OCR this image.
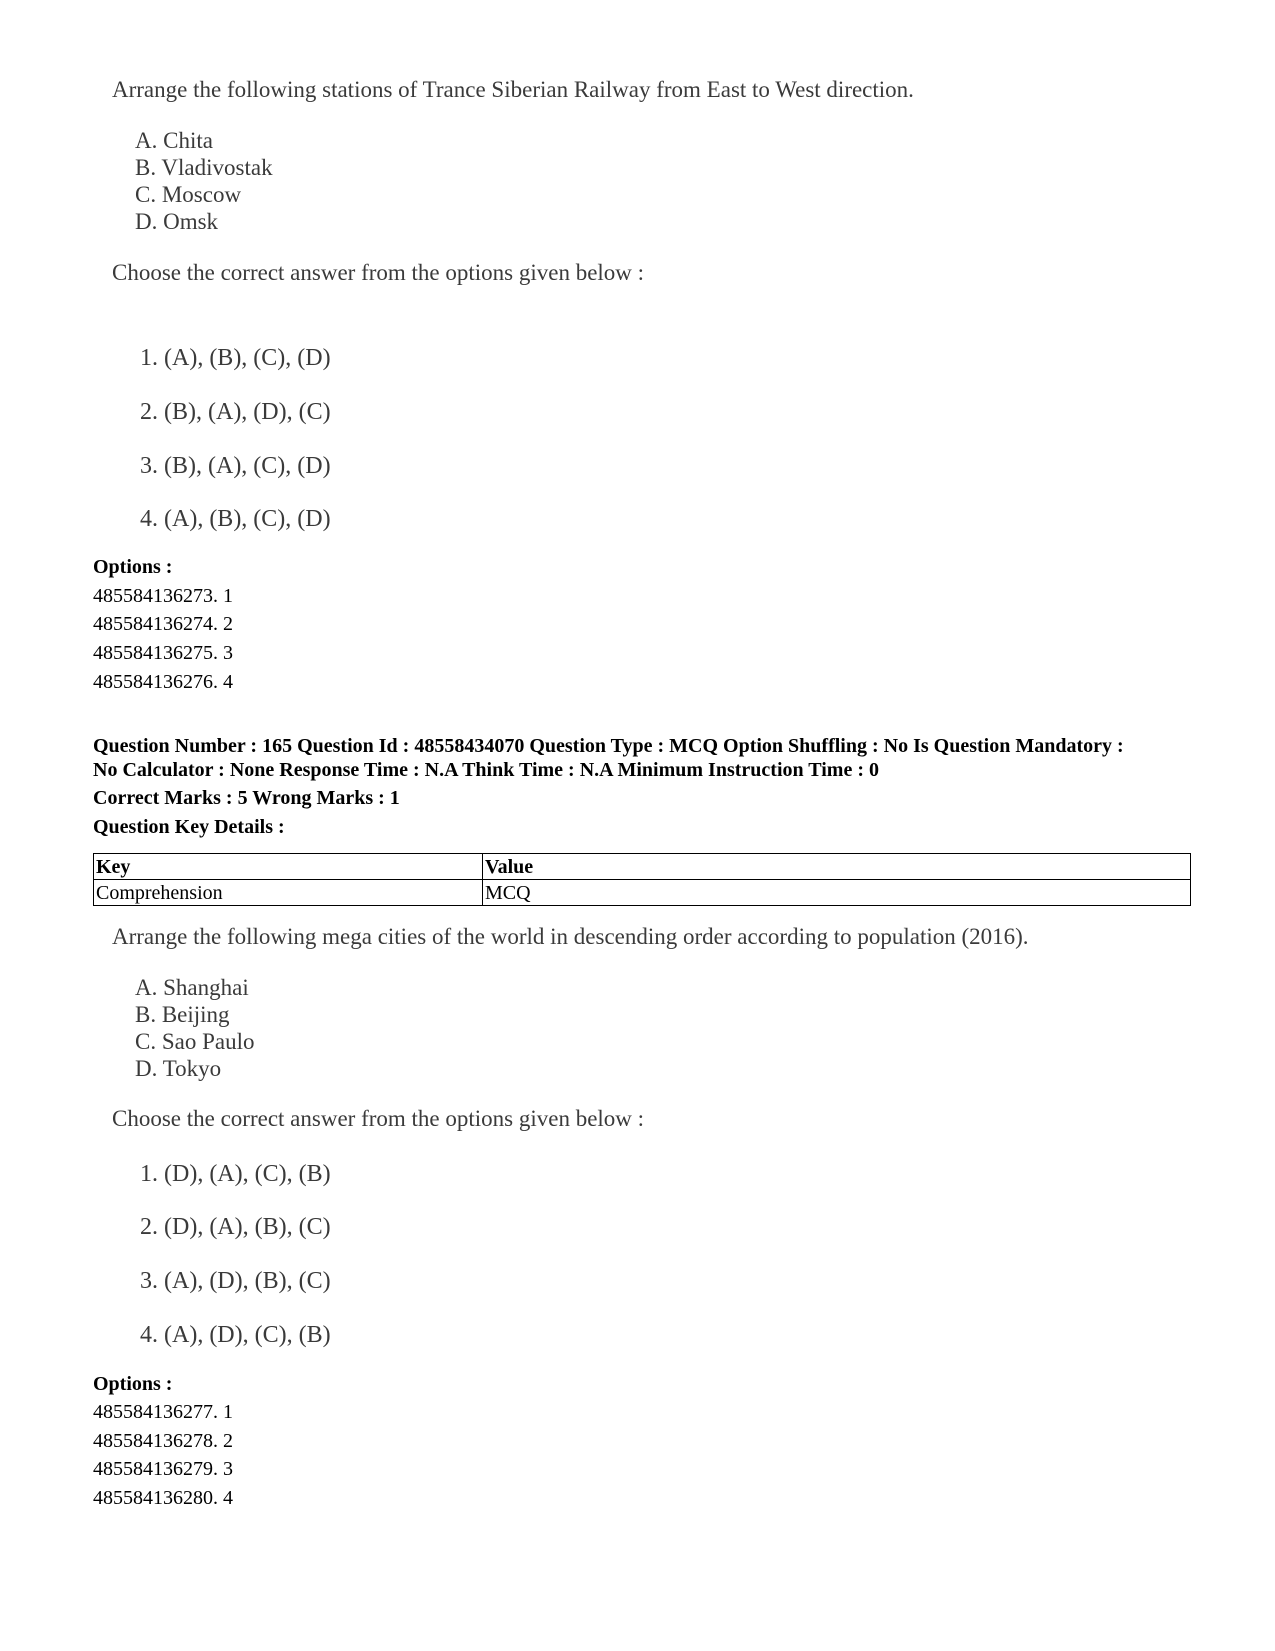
Arrange the following stations of Trance Siberian Railway from East to West direction.
A. Chita
B. Vladivostak
C. Moscow
D. Omsk
Choose the correct answer from the options given below :
1. (A), (B), (C), (D)
2. (B), (A), (D), (C)
3. (B), (A), (C), (D)
4. (A), (B), (C), (D)
Options :
485584136273. 1
485584136274. 2
485584136275. 3
485584136276. 4
Question Number : 165 Question Id : 48558434070 Question Type : MCQ Option Shuffling : No Is Question Mandatory :
No Calculator : None Response Time : N.A Think Time : N.A Minimum Instruction Time : 0
Correct Marks : 5 Wrong Marks : 1
Question Key Details :
Key	Value
Comprehension	MCQ
Arrange the following mega cities of the world in descending order according to population (2016).
A. Shanghai
B. Beijing
C. Sao Paulo
D. Tokyo
Choose the correct answer from the options given below :
1. (D), (A), (C), (B)
2. (D), (A), (B), (C)
3. (A), (D), (B), (C)
4. (A), (D), (C), (B)
Options :
485584136277. 1
485584136278. 2
485584136279. 3
485584136280. 4
